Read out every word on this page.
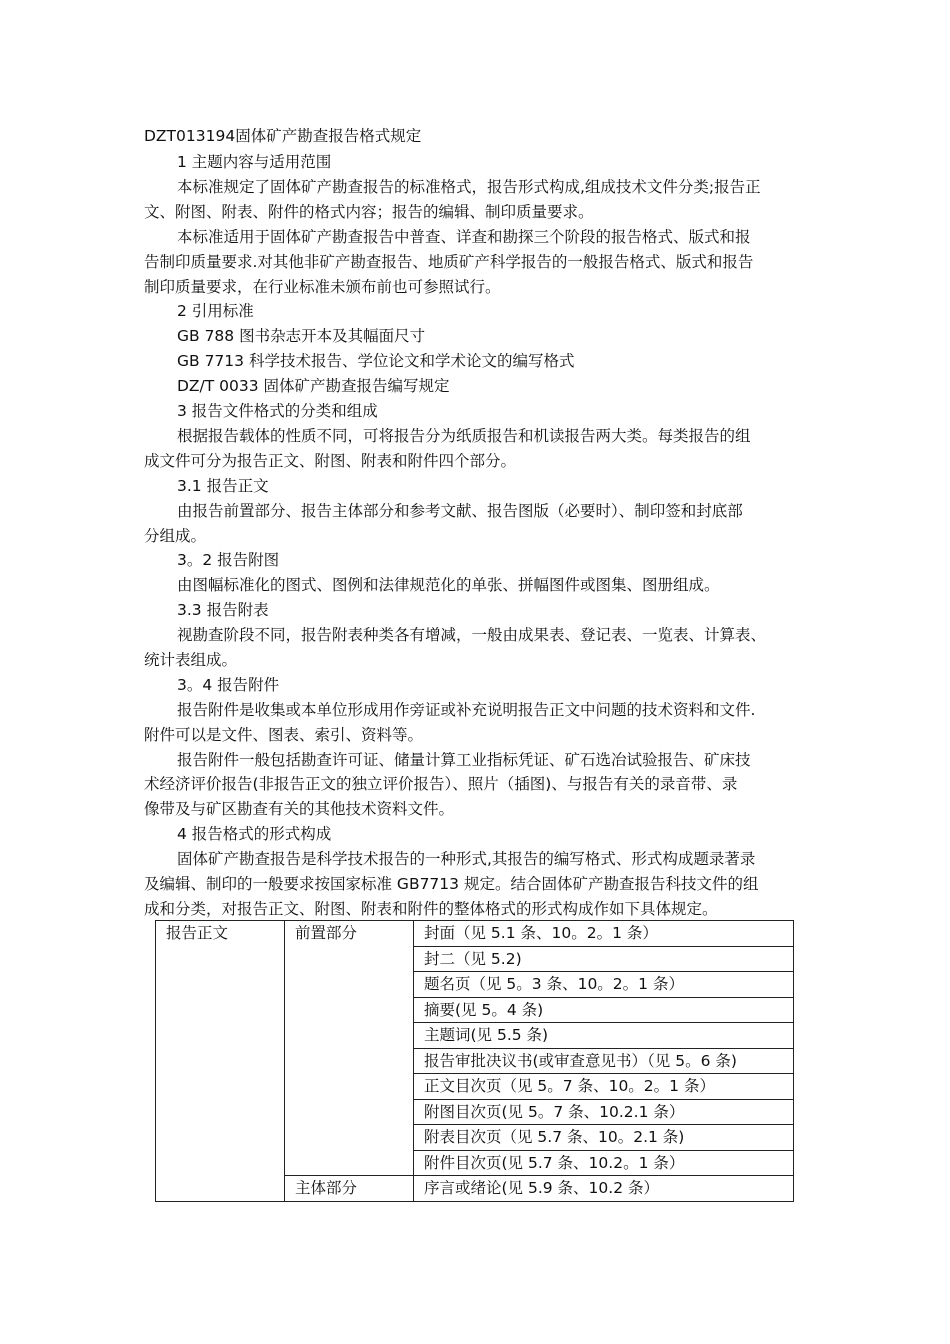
DZT013194固体矿产勘查报告格式规定
1 主题内容与适用范围
本标准规定了固体矿产勘查报告的标准格式，报告形式构成,组成技术文件分类;报告正
文、附图、附表、附件的格式内容；报告的编辑、制印质量要求。
本标准适用于固体矿产勘查报告中普查、详查和勘探三个阶段的报告格式、版式和报
告制印质量要求.对其他非矿产勘查报告、地质矿产科学报告的一般报告格式、版式和报告
制印质量要求，在行业标准未颁布前也可参照试行。
2 引用标准
GB 788 图书杂志开本及其幅面尺寸
GB 7713 科学技术报告、学位论文和学术论文的编写格式
DZ/T 0033 固体矿产勘查报告编写规定
3 报告文件格式的分类和组成
根据报告载体的性质不同，可将报告分为纸质报告和机读报告两大类。每类报告的组
成文件可分为报告正文、附图、附表和附件四个部分。
3.1 报告正文
由报告前置部分、报告主体部分和参考文献、报告图版（必要时）、制印签和封底部
分组成。
3。2 报告附图
由图幅标准化的图式、图例和法律规范化的单张、拼幅图件或图集、图册组成。
3.3 报告附表
视勘查阶段不同，报告附表种类各有增减，一般由成果表、登记表、一览表、计算表、
统计表组成。
3。4 报告附件
报告附件是收集或本单位形成用作旁证或补充说明报告正文中问题的技术资料和文件.
附件可以是文件、图表、索引、资料等。
报告附件一般包括勘查许可证、储量计算工业指标凭证、矿石选冶试验报告、矿床技
术经济评价报告(非报告正文的独立评价报告）、照片（插图)、与报告有关的录音带、录
像带及与矿区勘查有关的其他技术资料文件。
4 报告格式的形式构成
固体矿产勘查报告是科学技术报告的一种形式,其报告的编写格式、形式构成题录著录
及编辑、制印的一般要求按国家标准 GB7713 规定。结合固体矿产勘查报告科技文件的组
成和分类，对报告正文、附图、附表和附件的整体格式的形式构成作如下具体规定。
报告正文	前置部分	封面（见 5.1 条、10。2。1 条）
		封二（见 5.2)
		题名页（见 5。3 条、10。2。1 条）
		摘要(见 5。4 条)
		主题词(见 5.5 条)
		报告审批决议书(或审查意见书）（见 5。6 条)
		正文目次页（见 5。7 条、10。2。1 条）
		附图目次页(见 5。7 条、10.2.1 条）
		附表目次页（见 5.7 条、10。2.1 条)
		附件目次页(见 5.7 条、10.2。1 条）
	主体部分	序言或绪论(见 5.9 条、10.2 条）
